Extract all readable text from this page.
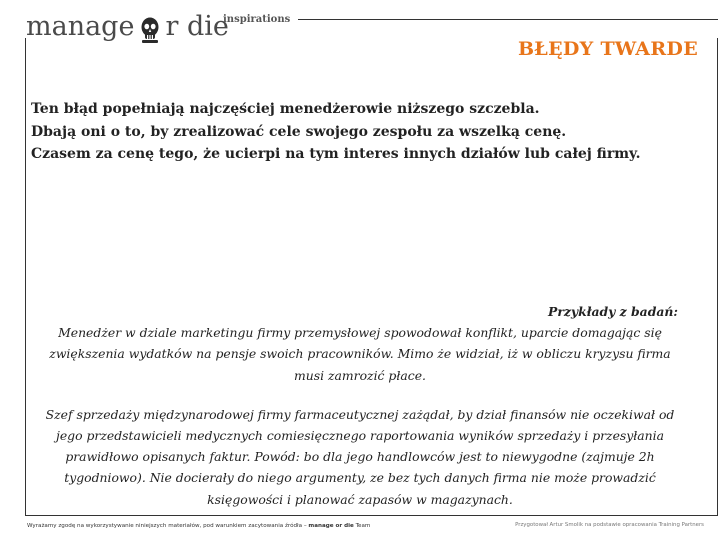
manage r die
inspirations
BŁĘDY TWARDE
Ten błąd popełniają najczęściej menedżerowie niższego szczebla.
Dbają oni o to, by zrealizować cele swojego zespołu za wszelką cenę.
Czasem za cenę tego, że ucierpi na tym interes innych działów lub całej firmy.
Przykłady z badań:
Menedżer w dziale marketingu firmy przemysłowej spowodował konflikt, uparcie domagając się zwiększenia wydatków na pensje swoich pracowników. Mimo że widział, iż w obliczu kryzysu firma musi zamrozić płace.
Szef sprzedaży międzynarodowej firmy farmaceutycznej zażądał, by dział finansów nie oczekiwał od jego przedstawicieli medycznych comiesięcznego raportowania wyników sprzedaży i przesyłania prawidłowo opisanych faktur. Powód: bo dla jego handlowców jest to niewygodne (zajmuje 2h tygodniowo). Nie docierały do niego argumenty, ze bez tych danych firma nie może prowadzić księgowości i planować zapasów w magazynach.
Wyrażamy zgodę na wykorzystywanie niniejszych materiałów, pod warunkiem zacytowania źródła – manage or die Team	Przygotował Artur Smolik na podstawie opracowania Training Partners
